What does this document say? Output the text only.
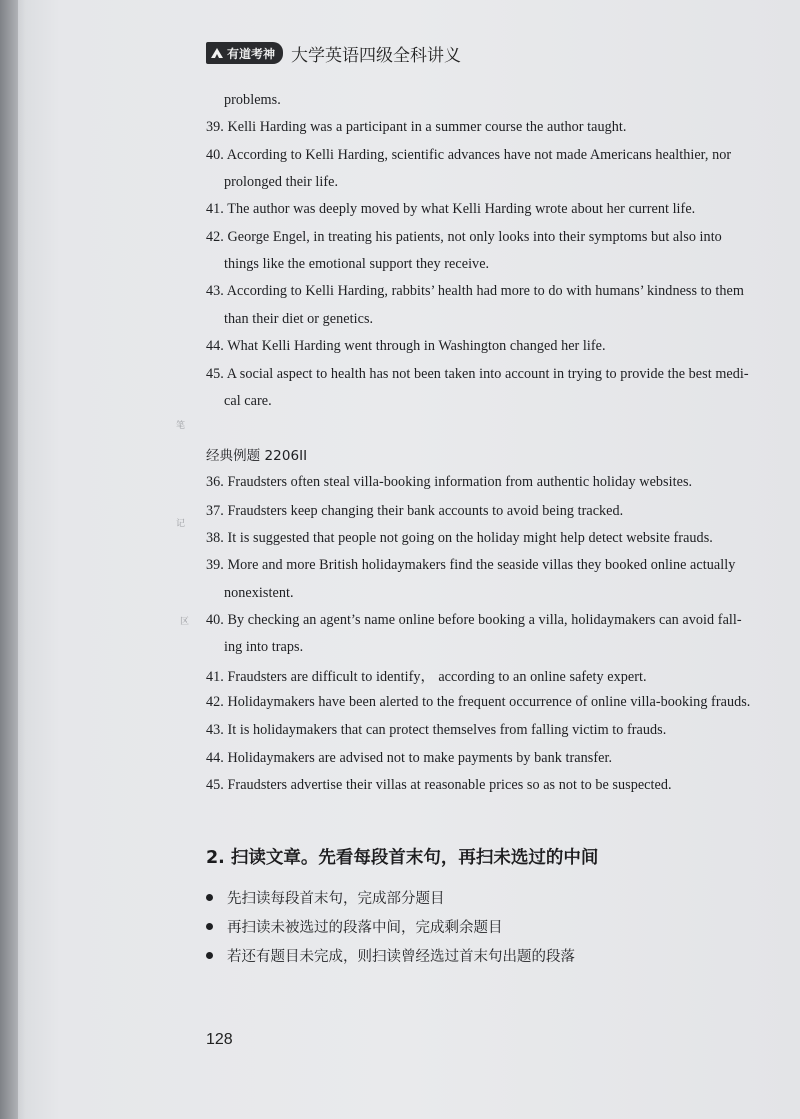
有道考神 大学英语四级全科讲义
problems.
39. Kelli Harding was a participant in a summer course the author taught.
40. According to Kelli Harding, scientific advances have not made Americans healthier, nor
prolonged their life.
41. The author was deeply moved by what Kelli Harding wrote about her current life.
42. George Engel, in treating his patients, not only looks into their symptoms but also into
things like the emotional support they receive.
43. According to Kelli Harding, rabbits’ health had more to do with humans’ kindness to them
than their diet or genetics.
44. What Kelli Harding went through in Washington changed her life.
45. A social aspect to health has not been taken into account in trying to provide the best medi-
cal care.
笔
记
区
经典例题 2206II
36. Fraudsters often steal villa-booking information from authentic holiday websites.
37. Fraudsters keep changing their bank accounts to avoid being tracked.
38. It is suggested that people not going on the holiday might help detect website frauds.
39. More and more British holidaymakers find the seaside villas they booked online actually
nonexistent.
40. By checking an agent’s name online before booking a villa, holidaymakers can avoid fall-
ing into traps.
41. Fraudsters are difficult to identify， according to an online safety expert.
42. Holidaymakers have been alerted to the frequent occurrence of online villa-booking frauds.
43. It is holidaymakers that can protect themselves from falling victim to frauds.
44. Holidaymakers are advised not to make payments by bank transfer.
45. Fraudsters advertise their villas at reasonable prices so as not to be suspected.
2. 扫读文章。先看每段首末句，再扫未选过的中间
先扫读每段首末句，完成部分题目
再扫读未被选过的段落中间，完成剩余题目
若还有题目未完成，则扫读曾经选过首末句出题的段落
128
